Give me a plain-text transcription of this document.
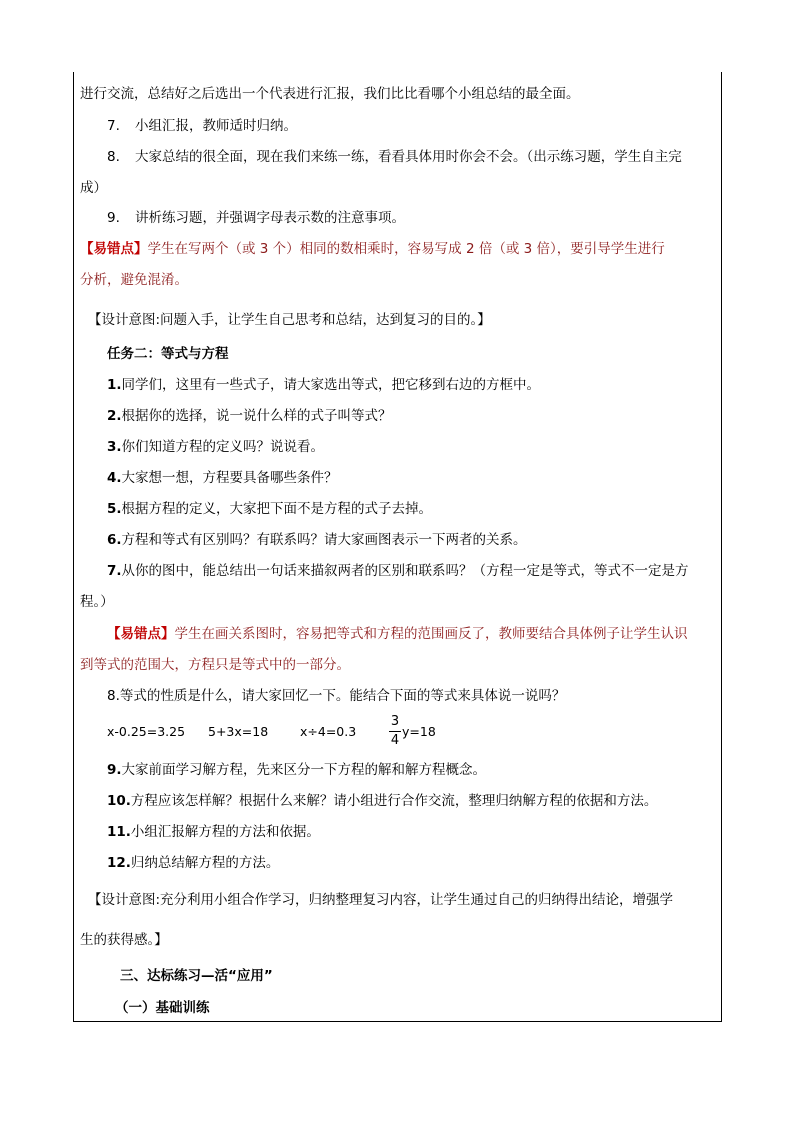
进行交流，总结好之后选出一个代表进行汇报，我们比比看哪个小组总结的最全面。
7. 小组汇报，教师适时归纳。
8. 大家总结的很全面，现在我们来练一练，看看具体用时你会不会。（出示练习题，学生自主完
成）
9. 讲析练习题，并强调字母表示数的注意事项。
【易错点】学生在写两个（或 3 个）相同的数相乘时，容易写成 2 倍（或 3 倍），要引导学生进行
分析，避免混淆。
【设计意图:问题入手，让学生自己思考和总结，达到复习的目的。】
任务二：等式与方程
1.同学们，这里有一些式子，请大家选出等式，把它移到右边的方框中。
2.根据你的选择，说一说什么样的式子叫等式？
3.你们知道方程的定义吗？说说看。
4.大家想一想，方程要具备哪些条件？
5.根据方程的定义，大家把下面不是方程的式子去掉。
6.方程和等式有区别吗？有联系吗？请大家画图表示一下两者的关系。
7.从你的图中，能总结出一句话来描叙两者的区别和联系吗？（方程一定是等式，等式不一定是方
程。）
【易错点】学生在画关系图时，容易把等式和方程的范围画反了，教师要结合具体例子让学生认识
到等式的范围大，方程只是等式中的一部分。
8.等式的性质是什么，请大家回忆一下。能结合下面的等式来具体说一说吗？
x-0.25=3.25	5+3x=18	x÷4=0.3
3
4
y=18
9.大家前面学习解方程，先来区分一下方程的解和解方程概念。
10.方程应该怎样解？根据什么来解？请小组进行合作交流，整理归纳解方程的依据和方法。
11.小组汇报解方程的方法和依据。
12.归纳总结解方程的方法。
【设计意图:充分利用小组合作学习，归纳整理复习内容，让学生通过自己的归纳得出结论，增强学
生的获得感。】
三、达标练习—活“应用”
（一）基础训练
